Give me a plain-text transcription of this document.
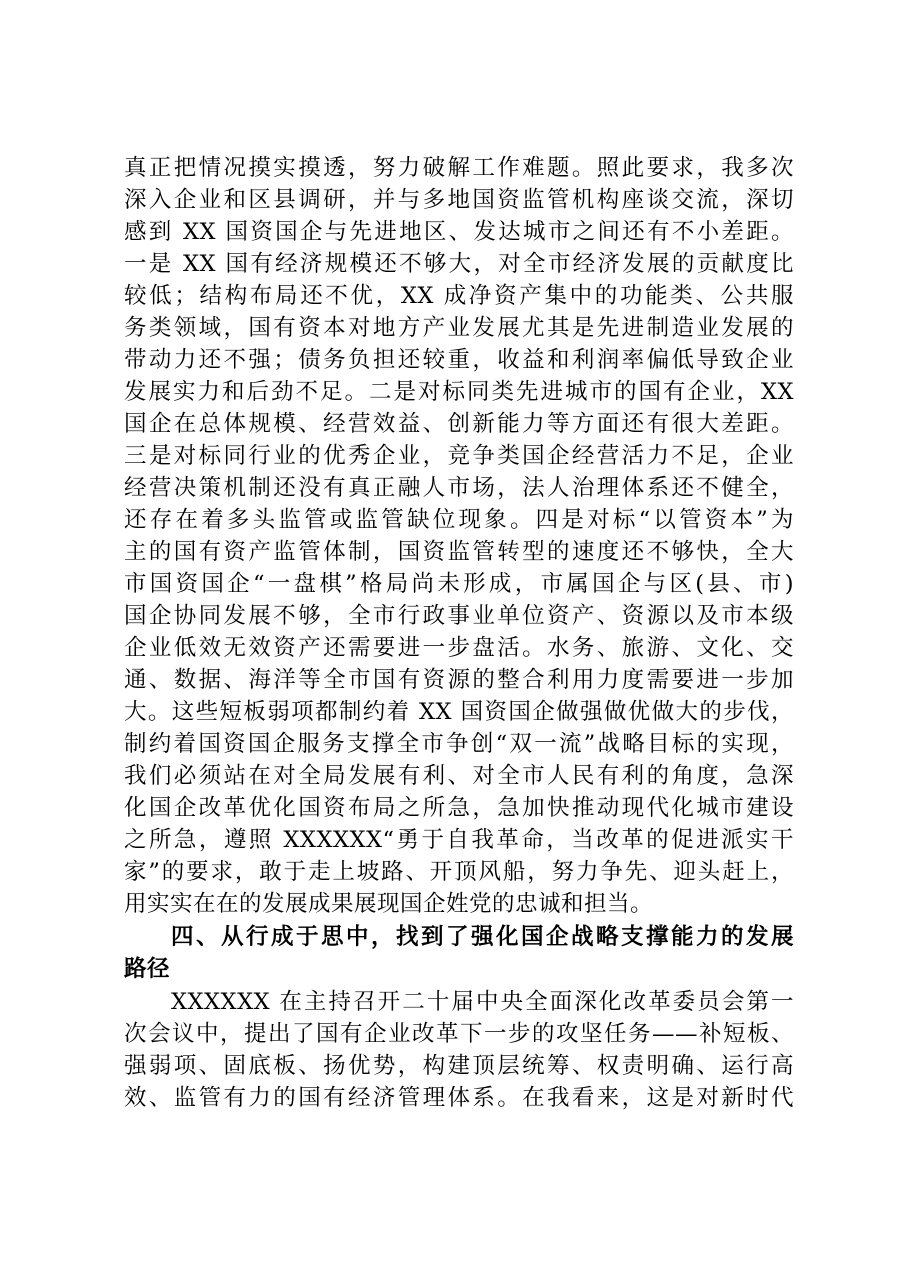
真正把情况摸实摸透，努力破解工作难题。照此要求，我多次
深入企业和区县调研，并与多地国资监管机构座谈交流，深切
感到 XX 国资国企与先进地区、发达城市之间还有不小差距。
一是 XX 国有经济规模还不够大，对全市经济发展的贡献度比
较低；结构布局还不优，XX 成净资产集中的功能类、公共服
务类领域，国有资本对地方产业发展尤其是先进制造业发展的
带动力还不强；债务负担还较重，收益和利润率偏低导致企业
发展实力和后劲不足。二是对标同类先进城市的国有企业，XX
国企在总体规模、经营效益、创新能力等方面还有很大差距。
三是对标同行业的优秀企业，竞争类国企经营活力不足，企业
经营决策机制还没有真正融人市场，法人治理体系还不健全，
还存在着多头监管或监管缺位现象。四是对标“以管资本”为
主的国有资产监管体制，国资监管转型的速度还不够快，全大
市国资国企“一盘棋”格局尚未形成，市属国企与区(县、市)
国企协同发展不够，全市行政事业单位资产、资源以及市本级
企业低效无效资产还需要进一步盘活。水务、旅游、文化、交
通、数据、海洋等全市国有资源的整合利用力度需要进一步加
大。这些短板弱项都制约着 XX 国资国企做强做优做大的步伐，
制约着国资国企服务支撑全市争创“双一流”战略目标的实现，
我们必须站在对全局发展有利、对全市人民有利的角度，急深
化国企改革优化国资布局之所急，急加快推动现代化城市建设
之所急，遵照 XXXXXX“勇于自我革命，当改革的促进派实干
家”的要求，敢于走上坡路、开顶风船，努力争先、迎头赶上，
用实实在在的发展成果展现国企姓党的忠诚和担当。
四、从行成于思中，找到了强化国企战略支撑能力的发展
路径
XXXXXX 在主持召开二十届中央全面深化改革委员会第一
次会议中，提出了国有企业改革下一步的攻坚任务——补短板、
强弱项、固底板、扬优势，构建顶层统筹、权责明确、运行高
效、监管有力的国有经济管理体系。在我看来，这是对新时代
